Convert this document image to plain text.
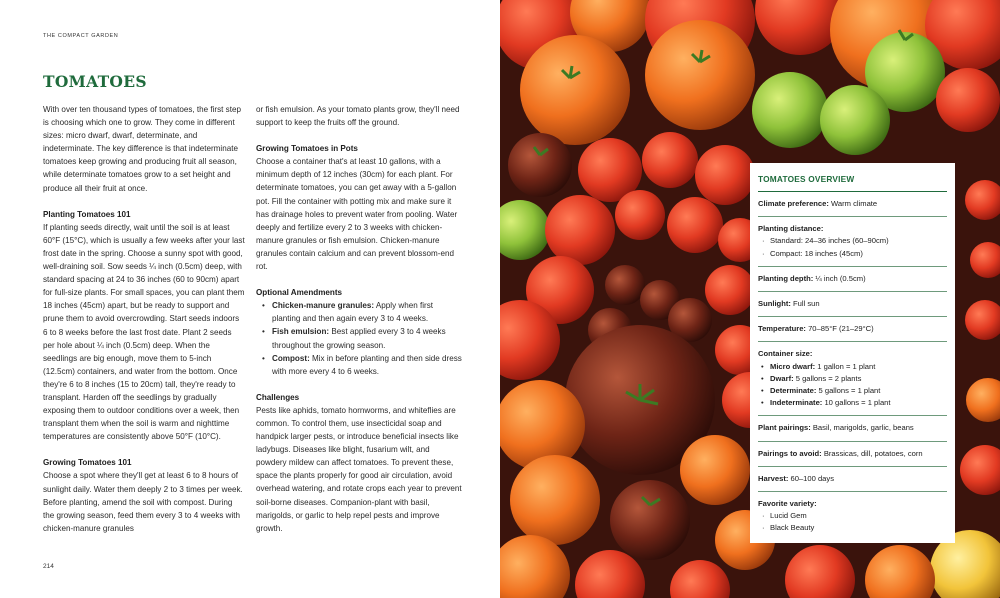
THE COMPACT GARDEN
TOMATOES

With over ten thousand types of tomatoes, the first step is choosing which one to grow. They come in different sizes: micro dwarf, dwarf, determinate, and indeterminate. The key difference is that indeterminate tomatoes keep growing and producing fruit all season, while determinate tomatoes grow to a set height and produce all their fruit at once.

Planting Tomatoes 101

If planting seeds directly, wait until the soil is at least 60°F (15°C), which is usually a few weeks after your last frost date in the spring. Choose a sunny spot with good, well-draining soil. Sow seeds ¼ inch (0.5cm) deep, with standard spacing at 24 to 36 inches (60 to 90cm) apart for full-size plants. For small spaces, you can plant them 18 inches (45cm) apart, but be ready to support and prune them to avoid overcrowding. Start seeds indoors 6 to 8 weeks before the last frost date. Plant 2 seeds per hole about ¼ inch (0.5cm) deep. When the seedlings are big enough, move them to 5-inch (12.5cm) containers, and water from the bottom. Once they're 6 to 8 inches (15 to 20cm) tall, they're ready to transplant. Harden off the seedlings by gradually exposing them to outdoor conditions over a week, then transplant them when the soil is warm and nighttime temperatures are consistently above 50°F (10°C).

Growing Tomatoes 101

Choose a spot where they'll get at least 6 to 8 hours of sunlight daily. Water them deeply 2 to 3 times per week. Before planting, amend the soil with compost. During the growing season, feed them every 3 to 4 weeks with chicken-manure granules

or fish emulsion. As your tomato plants grow, they'll need support to keep the fruits off the ground.

Growing Tomatoes in Pots

Choose a container that's at least 10 gallons, with a minimum depth of 12 inches (30cm) for each plant. For determinate tomatoes, you can get away with a 5-gallon pot. Fill the container with potting mix and make sure it has drainage holes to prevent water from pooling. Water deeply and fertilize every 2 to 3 weeks with chicken-manure granules or fish emulsion. Chicken-manure granules contain calcium and can prevent blossom-end rot.

Optional Amendments
• Chicken-manure granules: Apply when first planting and then again every 3 to 4 weeks.
• Fish emulsion: Best applied every 3 to 4 weeks throughout the growing season.
• Compost: Mix in before planting and then side dress with more every 4 to 6 weeks.
Challenges

Pests like aphids, tomato hornworms, and whiteflies are common. To control them, use insecticidal soap and handpick larger pests, or introduce beneficial insects like ladybugs. Diseases like blight, fusarium wilt, and powdery mildew can affect tomatoes. To prevent these, space the plants properly for good air circulation, avoid overhead watering, and rotate crops each year to prevent soil-borne diseases. Companion-plant with basil, marigolds, or garlic to help repel pests and improve growth.

214
TOMATOES OVERVIEW
Climate preference: Warm climate
Planting distance:
· Standard: 24–36 inches (60–90cm)
· Compact: 18 inches (45cm)
Planting depth: ¼ inch (0.5cm)
Sunlight: Full sun
Temperature: 70–85°F (21–29°C)
Container size:
• Micro dwarf: 1 gallon = 1 plant
• Dwarf: 5 gallons = 2 plants
• Determinate: 5 gallons = 1 plant
• Indeterminate: 10 gallons = 1 plant
Plant pairings: Basil, marigolds, garlic, beans
Pairings to avoid: Brassicas, dill, potatoes, corn
Harvest: 60–100 days
Favorite variety:
· Lucid Gem
· Black Beauty
